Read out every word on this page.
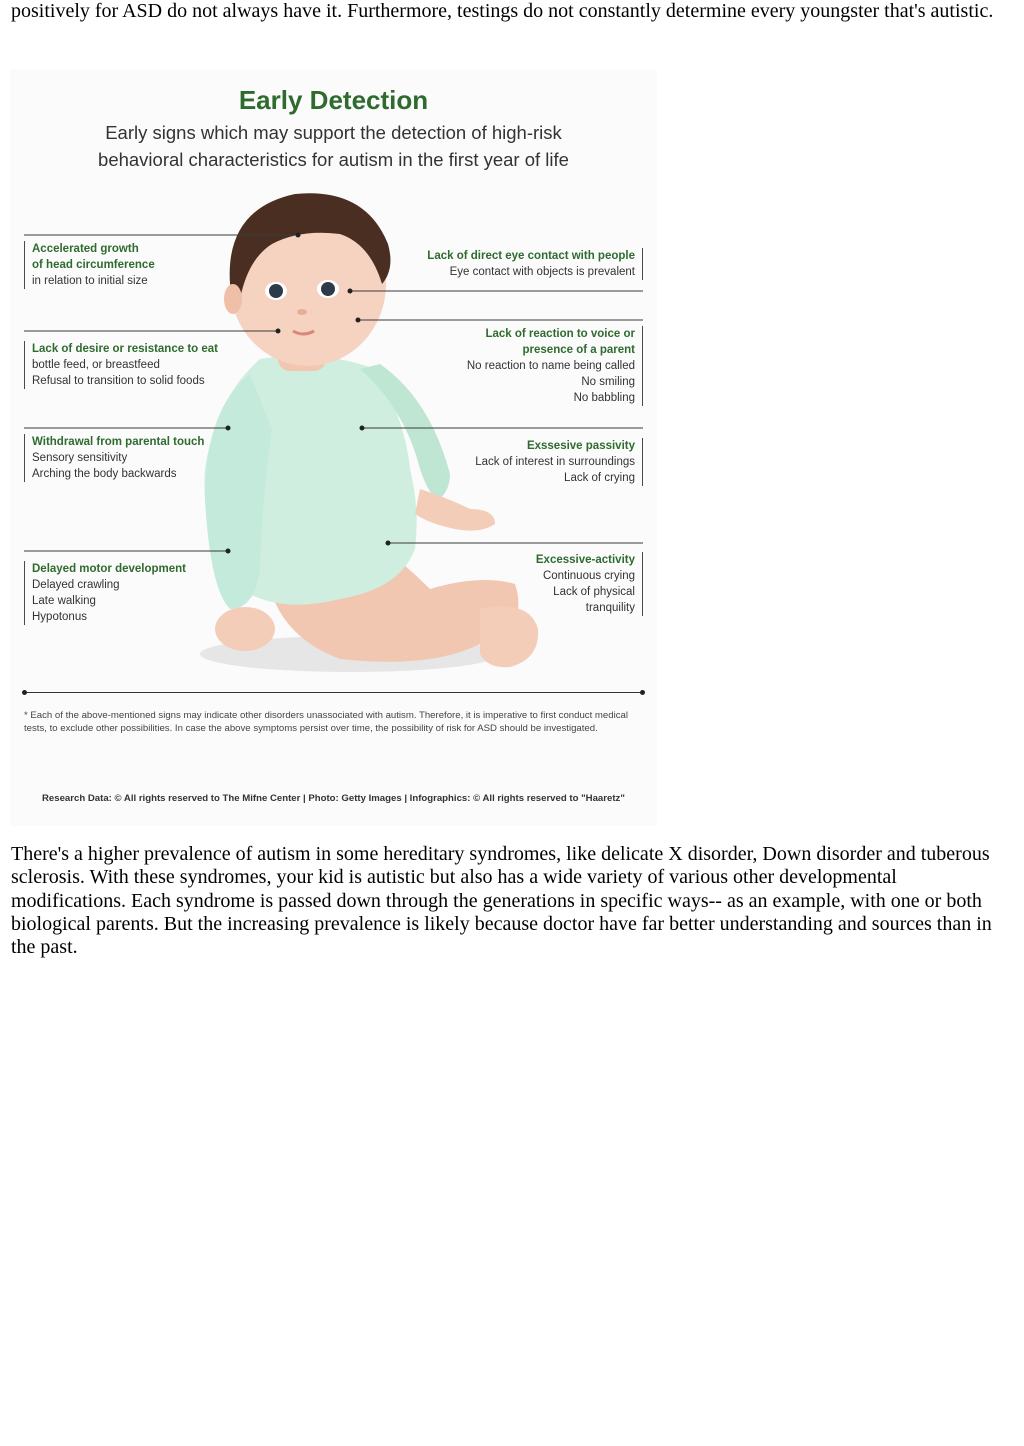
positively for ASD do not always have it. Furthermore, testings do not constantly determine every youngster that's autistic.

Early Detection

Early signs which may support the detection of high-risk
behavioral characteristics for autism in the first year of life

Accelerated growth
of head circumference
in relation to initial size
Lack of desire or resistance to eat
bottle feed, or breastfeed
Refusal to transition to solid foods
Withdrawal from parental touch
Sensory sensitivity
Arching the body backwards
Delayed motor development
Delayed crawling
Late walking
Hypotonus
Lack of direct eye contact with people
Eye contact with objects is prevalent
Lack of reaction to voice or
presence of a parent
No reaction to name being called
No smiling
No babbling
Exssesive passivity
Lack of interest in surroundings
Lack of crying
Excessive-activity
Continuous crying
Lack of physical
tranquility

* Each of the above-mentioned signs may indicate other disorders unassociated with autism. Therefore, it is imperative to first conduct medical tests, to exclude other possibilities. In case the above symptoms persist over time, the possibility of risk for ASD should be investigated.

Research Data: © All rights reserved to The Mifne Center | Photo: Getty Images | Infographics: © All rights reserved to "Haaretz"

There's a higher prevalence of autism in some hereditary syndromes, like delicate X disorder, Down disorder and tuberous sclerosis. With these syndromes, your kid is autistic but also has a wide variety of various other developmental modifications. Each syndrome is passed down through the generations in specific ways-- as an example, with one or both biological parents. But the increasing prevalence is likely because doctor have far better understanding and sources than in the past.
